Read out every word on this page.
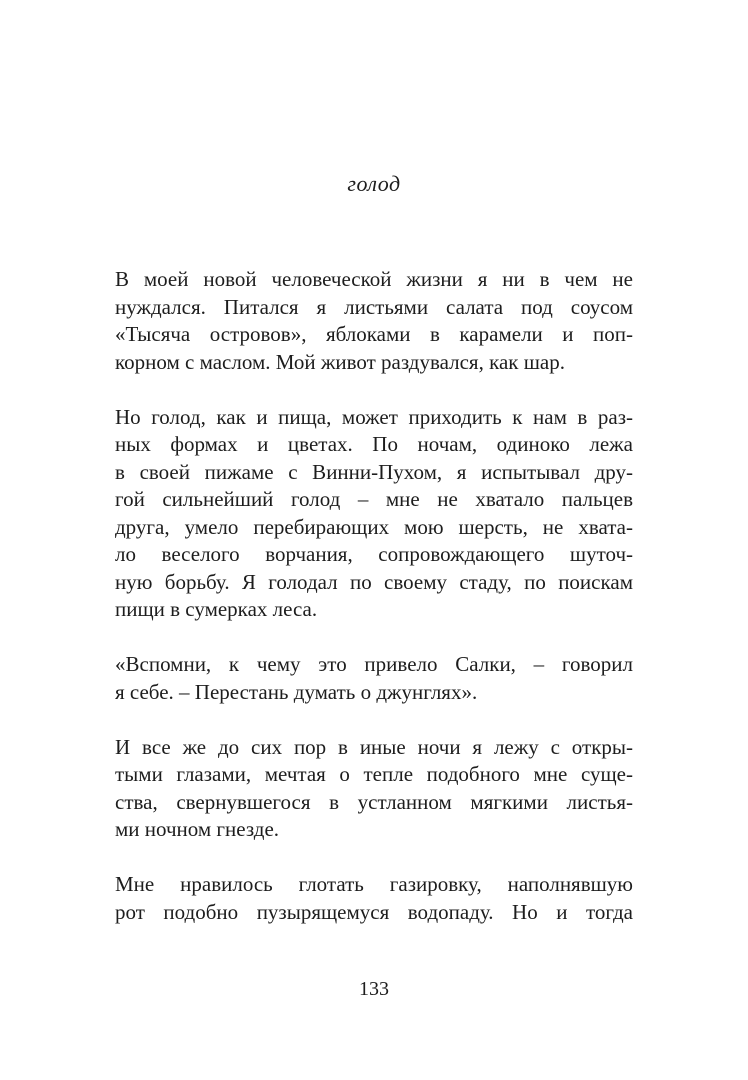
голод

В моей новой человеческой жизни я ни в чем не
нуждался. Питался я листьями салата под соусом
«Тысяча островов», яблоками в карамели и поп-
корном с маслом. Мой живот раздувался, как шар.

Но голод, как и пища, может приходить к нам в раз-
ных формах и цветах. По ночам, одиноко лежа
в своей пижаме с Винни-Пухом, я испытывал дру-
гой сильнейший голод – мне не хватало пальцев
друга, умело перебирающих мою шерсть, не хвата-
ло веселого ворчания, сопровождающего шуточ-
ную борьбу. Я голодал по своему стаду, по поискам
пищи в сумерках леса.

«Вспомни, к чему это привело Салки, – говорил
я себе. – Перестань думать о джунглях».

И все же до сих пор в иные ночи я лежу с откры-
тыми глазами, мечтая о тепле подобного мне суще-
ства, свернувшегося в устланном мягкими листья-
ми ночном гнезде.

Мне нравилось глотать газировку, наполнявшую
рот подобно пузырящемуся водопаду. Но и тогда

133
